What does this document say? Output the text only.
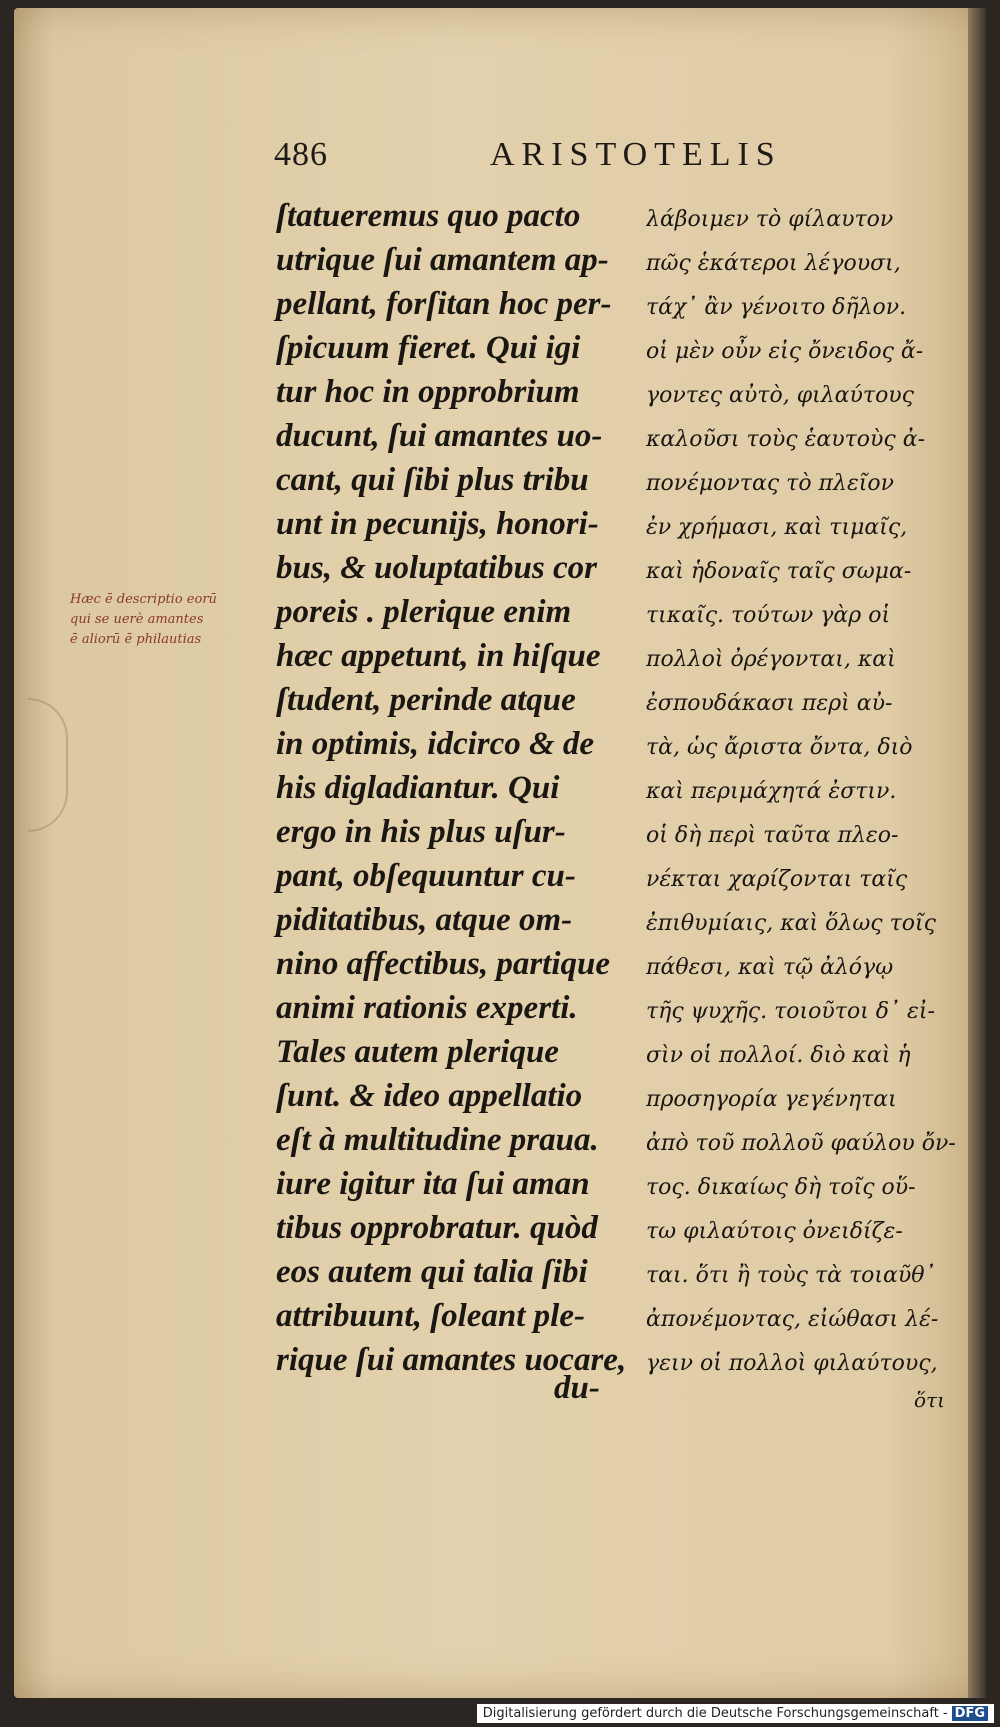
486	ARISTOTELIS
Hæc ē descriptio eorū
qui se uerè amantes
ē aliorū ē philautias
ſtatueremus quo pacto
utrique ſui amantem ap-
pellant, forſitan hoc per-
ſpicuum fieret. Qui igi
tur hoc in opprobrium
ducunt, ſui amantes uo-
cant, qui ſibi plus tribu
unt in pecunijs, honori-
bus, & uoluptatibus cor
poreis . plerique enim
hæc appetunt, in hiſque
ſtudent, perinde atque
in optimis, idcirco & de
his digladiantur. Qui
ergo in his plus uſur-
pant, obſequuntur cu-
piditatibus, atque om-
nino affectibus, partique
animi rationis experti.
Tales autem plerique
ſunt. & ideo appellatio
eſt à multitudine praua.
iure igitur ita ſui aman
tibus opprobratur. quòd
eos autem qui talia ſibi
attribuunt, ſoleant ple-
rique ſui amantes uocare,
du-
λάβοιμεν τὸ φίλαυτον
πῶς ἑκάτεροι λέγουσι,
τάχ᾽ ἂν γένοιτο δῆλον.
οἱ μὲν οὖν εἰς ὄνειδος ἄ-
γοντες αὐτὸ, φιλαύτους
καλοῦσι τοὺς ἑαυτοὺς ἀ-
πονέμοντας τὸ πλεῖον
ἐν χρήμασι, καὶ τιμαῖς,
καὶ ἡδοναῖς ταῖς σωμα-
τικαῖς. τούτων γὰρ οἱ
πολλοὶ ὀρέγονται, καὶ
ἐσπουδάκασι περὶ αὐ-
τὰ, ὡς ἄριστα ὄντα, διὸ
καὶ περιμάχητά ἐστιν.
οἱ δὴ περὶ ταῦτα πλεο-
νέκται χαρίζονται ταῖς
ἐπιθυμίαις, καὶ ὅλως τοῖς
πάθεσι, καὶ τῷ ἀλόγῳ
τῆς ψυχῆς. τοιοῦτοι δ᾽ εἰ-
σὶν οἱ πολλοί. διὸ καὶ ἡ
προσηγορία γεγένηται
ἀπὸ τοῦ πολλοῦ φαύλου ὄν-
τος. δικαίως δὴ τοῖς οὕ-
τω φιλαύτοις ὀνειδίζε-
ται. ὅτι ἢ τοὺς τὰ τοιαῦθ᾽
ἀπονέμοντας, εἰώθασι λέ-
γειν οἱ πολλοὶ φιλαύτους,
ὅτι
Digitalisierung gefördert durch die Deutsche Forschungsgemeinschaft - DFG
